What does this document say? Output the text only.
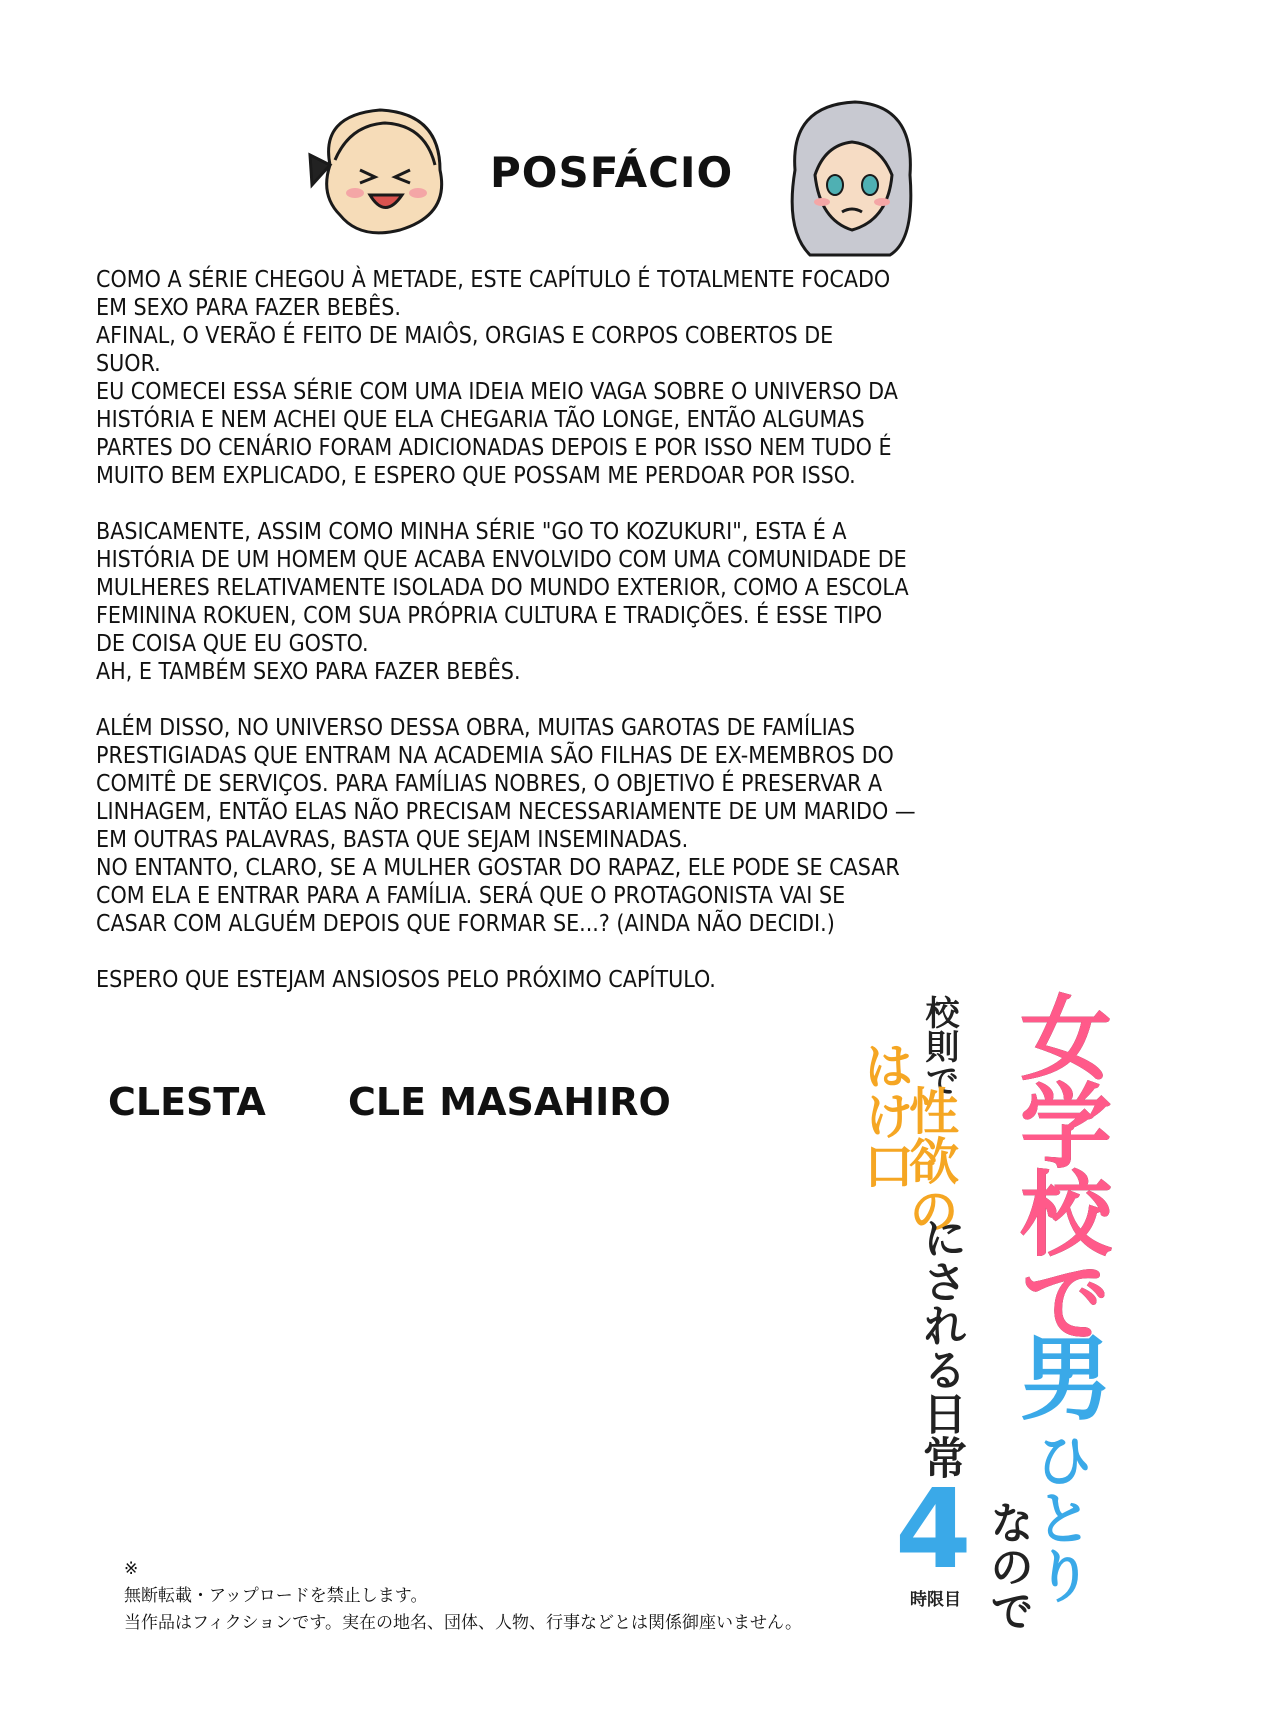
POSFÁCIO

COMO A SÉRIE CHEGOU À METADE, ESTE CAPÍTULO É TOTALMENTE FOCADO
EM SEXO PARA FAZER BEBÊS.
AFINAL, O VERÃO É FEITO DE MAIÔS, ORGIAS E CORPOS COBERTOS DE
SUOR.
EU COMECEI ESSA SÉRIE COM UMA IDEIA MEIO VAGA SOBRE O UNIVERSO DA
HISTÓRIA E NEM ACHEI QUE ELA CHEGARIA TÃO LONGE, ENTÃO ALGUMAS
PARTES DO CENÁRIO FORAM ADICIONADAS DEPOIS E POR ISSO NEM TUDO É
MUITO BEM EXPLICADO, E ESPERO QUE POSSAM ME PERDOAR POR ISSO.

BASICAMENTE, ASSIM COMO MINHA SÉRIE "GO TO KOZUKURI", ESTA É A
HISTÓRIA DE UM HOMEM QUE ACABA ENVOLVIDO COM UMA COMUNIDADE DE
MULHERES RELATIVAMENTE ISOLADA DO MUNDO EXTERIOR, COMO A ESCOLA
FEMININA ROKUEN, COM SUA PRÓPRIA CULTURA E TRADIÇÕES. É ESSE TIPO
DE COISA QUE EU GOSTO.
AH, E TAMBÉM SEXO PARA FAZER BEBÊS.

ALÉM DISSO, NO UNIVERSO DESSA OBRA, MUITAS GAROTAS DE FAMÍLIAS
PRESTIGIADAS QUE ENTRAM NA ACADEMIA SÃO FILHAS DE EX-MEMBROS DO
COMITÊ DE SERVIÇOS. PARA FAMÍLIAS NOBRES, O OBJETIVO É PRESERVAR A
LINHAGEM, ENTÃO ELAS NÃO PRECISAM NECESSARIAMENTE DE UM MARIDO —
EM OUTRAS PALAVRAS, BASTA QUE SEJAM INSEMINADAS.
NO ENTANTO, CLARO, SE A MULHER GOSTAR DO RAPAZ, ELE PODE SE CASAR
COM ELA E ENTRAR PARA A FAMÍLIA. SERÁ QUE O PROTAGONISTA VAI SE
CASAR COM ALGUÉM DEPOIS QUE FORMAR SE...? (AINDA NÃO DECIDI.)

ESPERO QUE ESTEJAM ANSIOSOS PELO PRÓXIMO CAPÍTULO.

CLESTA CLE MASAHIRO	女学校で
男
ひとり
なので
校則で
性欲の
はけ口
にされる日常
4
時限目
※
無断転載・アップロードを禁止します。
当作品はフィクションです。実在の地名、団体、人物、行事などとは関係御座いません。
